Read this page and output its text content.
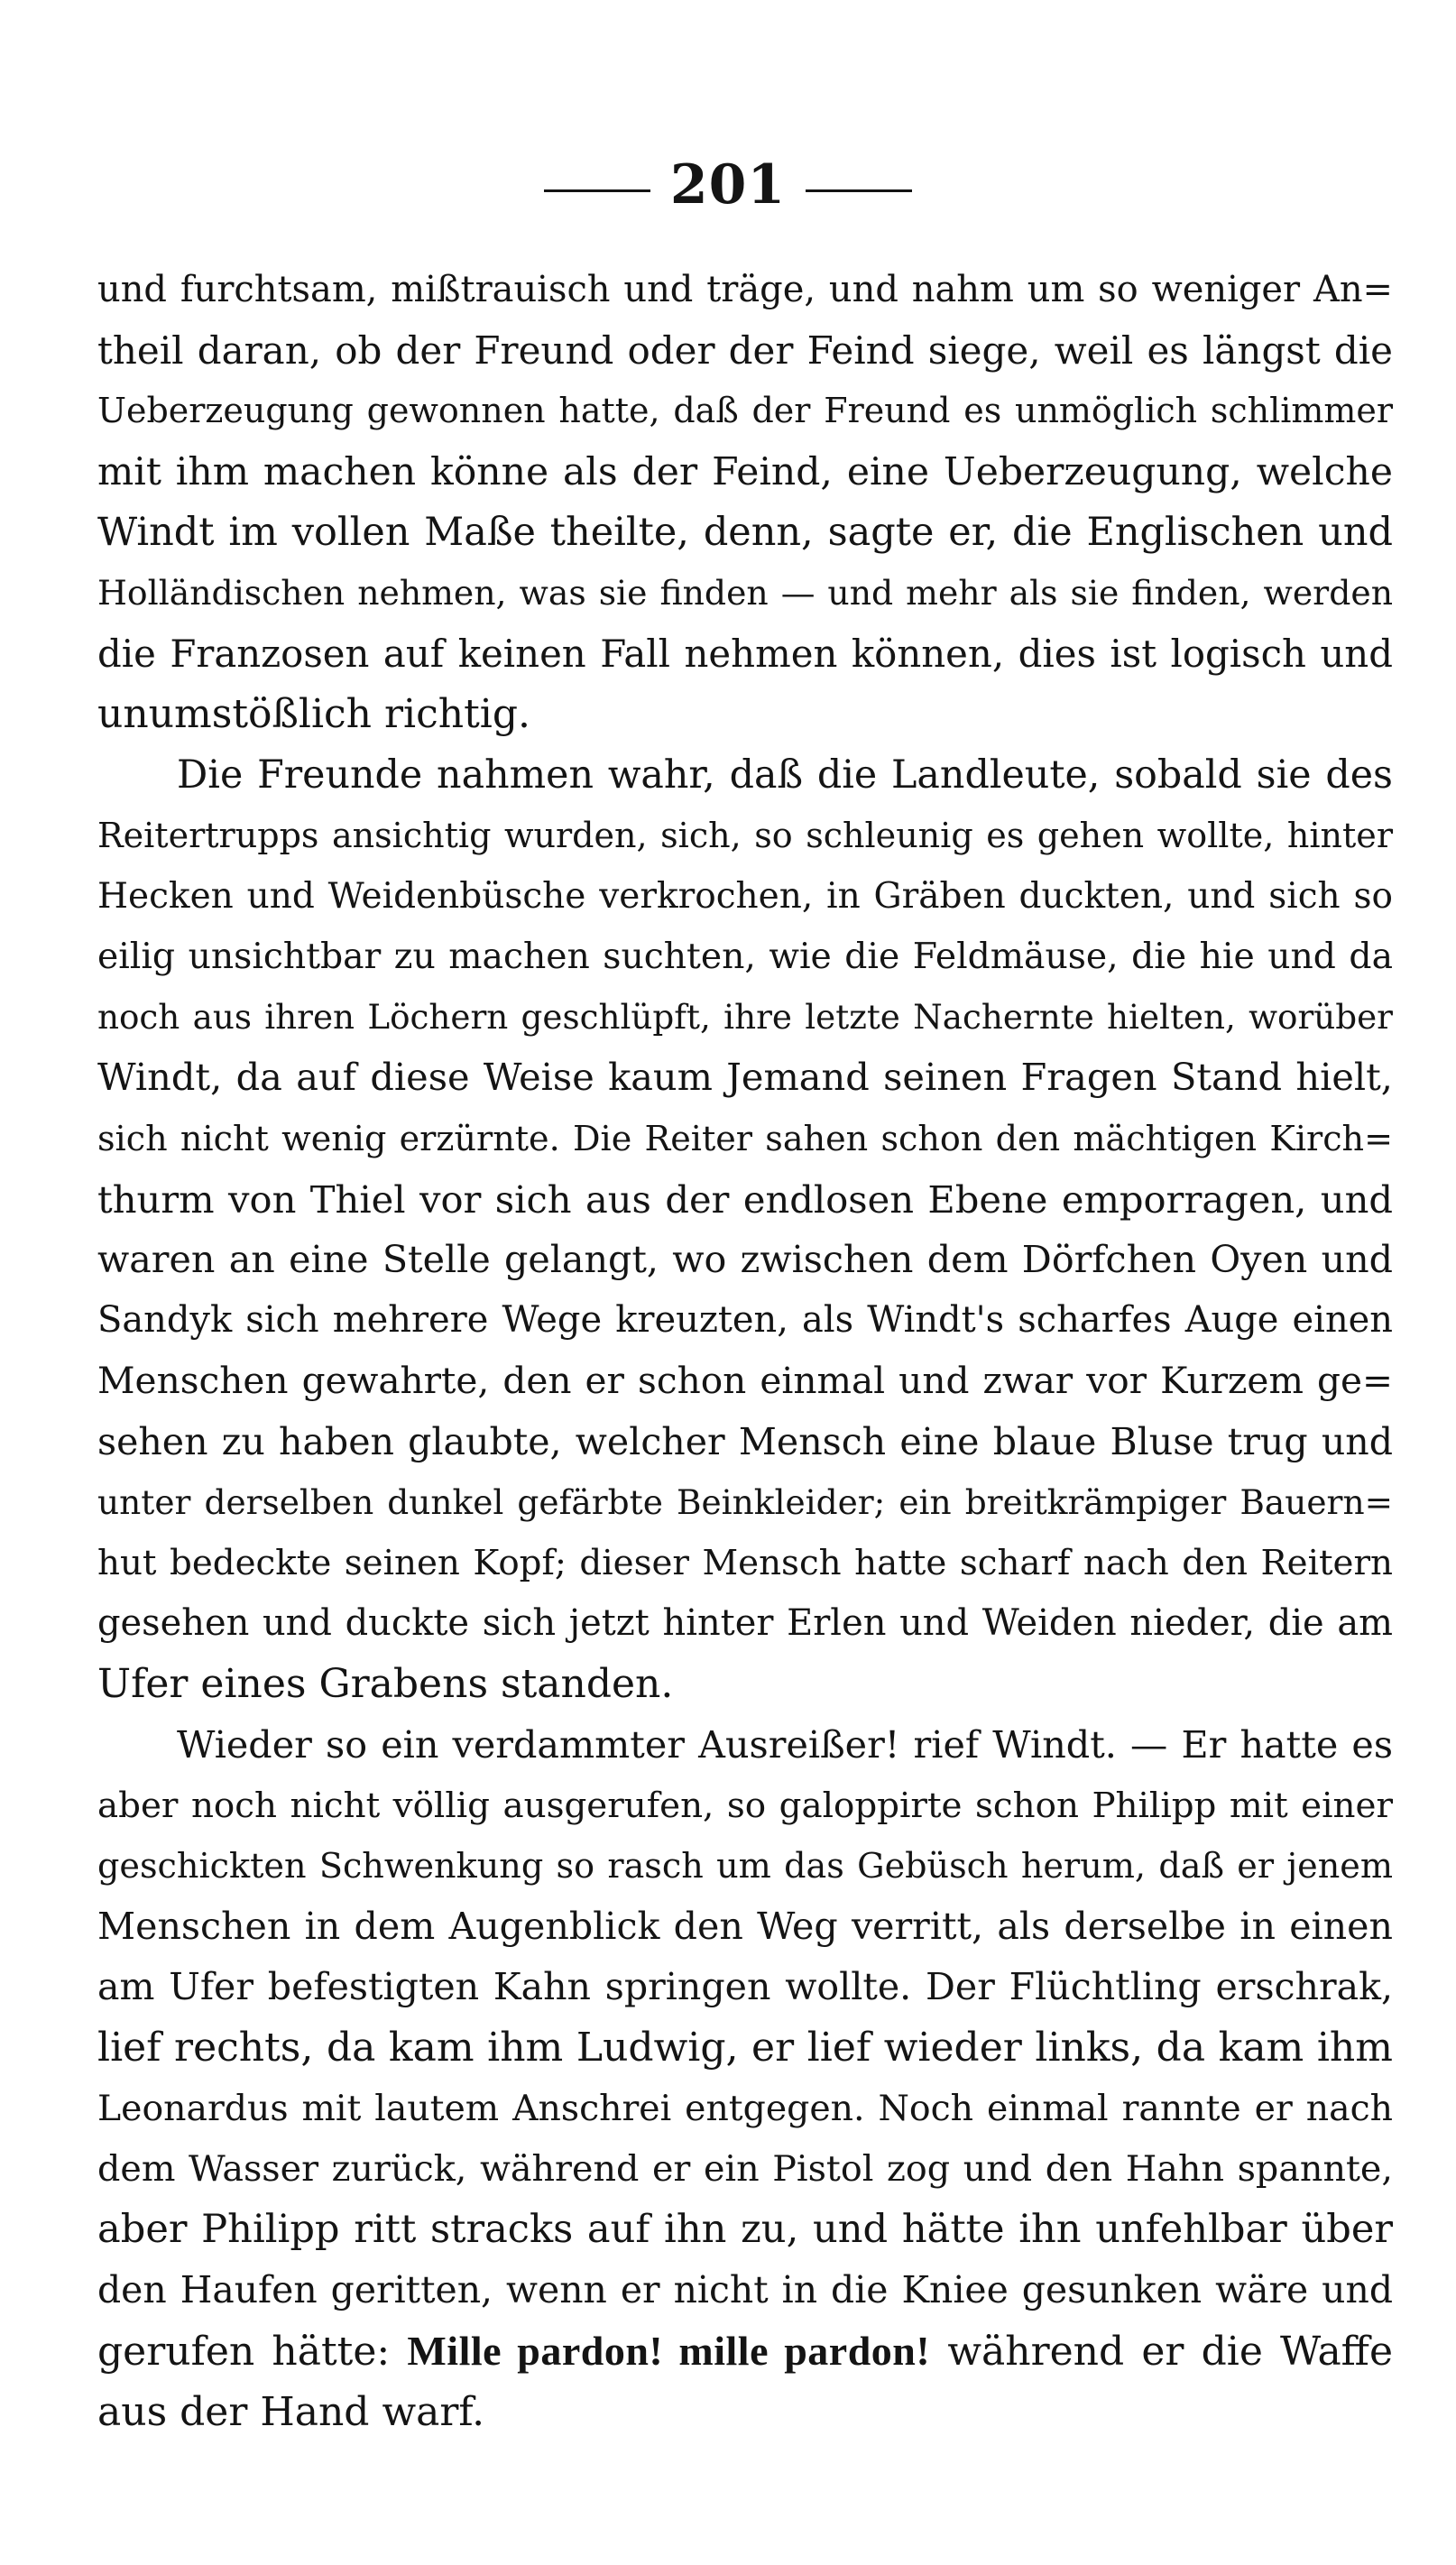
201
und furchtsam, mißtrauisch und träge, und nahm um so weniger An=
theil daran, ob der Freund oder der Feind siege, weil es längst die
Ueberzeugung gewonnen hatte, daß der Freund es unmöglich schlimmer
mit ihm machen könne als der Feind, eine Ueberzeugung, welche
Windt im vollen Maße theilte, denn, sagte er, die Englischen und
Holländischen nehmen, was sie finden — und mehr als sie finden, werden
die Franzosen auf keinen Fall nehmen können, dies ist logisch und
unumstößlich richtig.
Die Freunde nahmen wahr, daß die Landleute, sobald sie des
Reitertrupps ansichtig wurden, sich, so schleunig es gehen wollte, hinter
Hecken und Weidenbüsche verkrochen, in Gräben duckten, und sich so
eilig unsichtbar zu machen suchten, wie die Feldmäuse, die hie und da
noch aus ihren Löchern geschlüpft, ihre letzte Nachernte hielten, worüber
Windt, da auf diese Weise kaum Jemand seinen Fragen Stand hielt,
sich nicht wenig erzürnte. Die Reiter sahen schon den mächtigen Kirch=
thurm von Thiel vor sich aus der endlosen Ebene emporragen, und
waren an eine Stelle gelangt, wo zwischen dem Dörfchen Oyen und
Sandyk sich mehrere Wege kreuzten, als Windt's scharfes Auge einen
Menschen gewahrte, den er schon einmal und zwar vor Kurzem ge=
sehen zu haben glaubte, welcher Mensch eine blaue Bluse trug und
unter derselben dunkel gefärbte Beinkleider; ein breitkrämpiger Bauern=
hut bedeckte seinen Kopf; dieser Mensch hatte scharf nach den Reitern
gesehen und duckte sich jetzt hinter Erlen und Weiden nieder, die am
Ufer eines Grabens standen.
Wieder so ein verdammter Ausreißer! rief Windt. — Er hatte es
aber noch nicht völlig ausgerufen, so galoppirte schon Philipp mit einer
geschickten Schwenkung so rasch um das Gebüsch herum, daß er jenem
Menschen in dem Augenblick den Weg verritt, als derselbe in einen
am Ufer befestigten Kahn springen wollte. Der Flüchtling erschrak,
lief rechts, da kam ihm Ludwig, er lief wieder links, da kam ihm
Leonardus mit lautem Anschrei entgegen. Noch einmal rannte er nach
dem Wasser zurück, während er ein Pistol zog und den Hahn spannte,
aber Philipp ritt stracks auf ihn zu, und hätte ihn unfehlbar über
den Haufen geritten, wenn er nicht in die Kniee gesunken wäre und
gerufen hätte: Mille pardon! mille pardon! während er die Waffe
aus der Hand warf.
